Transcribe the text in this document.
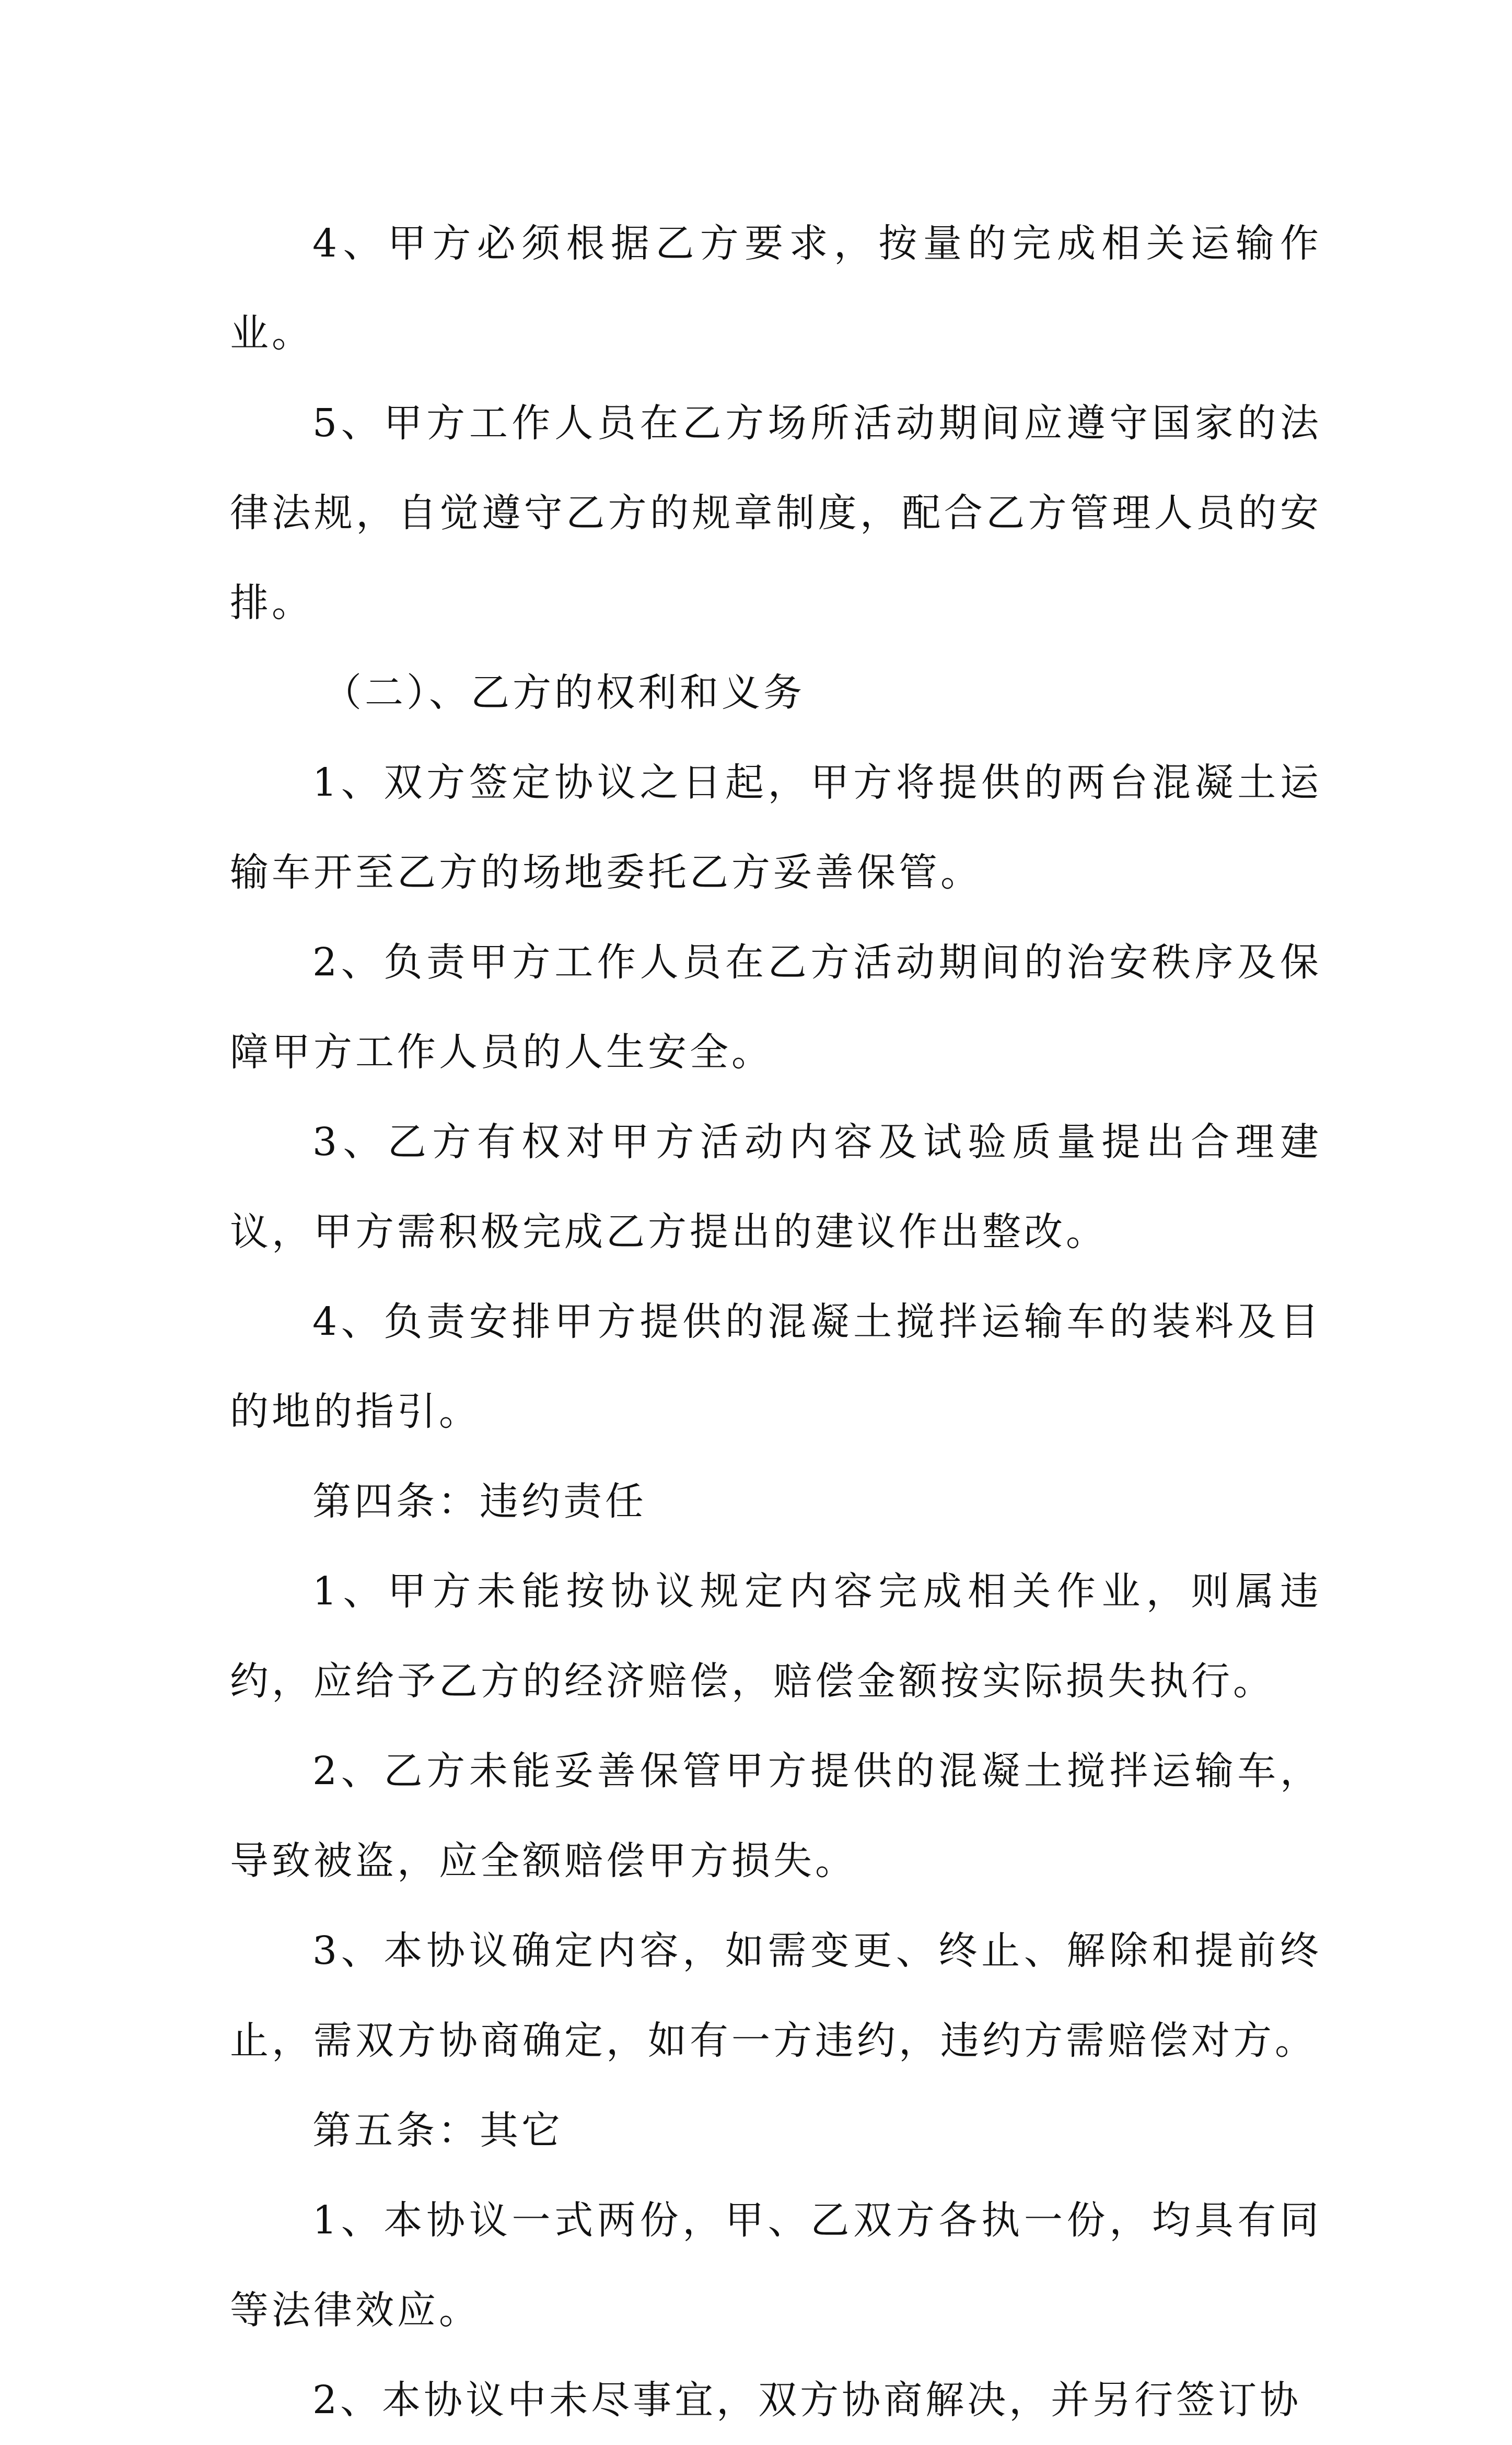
4、甲方必须根据乙方要求，按量的完成相关运输作业。

5、甲方工作人员在乙方场所活动期间应遵守国家的法律法规，自觉遵守乙方的规章制度，配合乙方管理人员的安排。

（二）、乙方的权利和义务

1、双方签定协议之日起，甲方将提供的两台混凝土运输车开至乙方的场地委托乙方妥善保管。

2、负责甲方工作人员在乙方活动期间的治安秩序及保障甲方工作人员的人生安全。

3、乙方有权对甲方活动内容及试验质量提出合理建议，甲方需积极完成乙方提出的建议作出整改。

4、负责安排甲方提供的混凝土搅拌运输车的装料及目的地的指引。

第四条：违约责任

1、甲方未能按协议规定内容完成相关作业，则属违约，应给予乙方的经济赔偿，赔偿金额按实际损失执行。

2、乙方未能妥善保管甲方提供的混凝土搅拌运输车，导致被盗，应全额赔偿甲方损失。

3、本协议确定内容，如需变更、终止、解除和提前终止，需双方协商确定，如有一方违约，违约方需赔偿对方。

第五条：其它

1、本协议一式两份，甲、乙双方各执一份，均具有同等法律效应。

2、本协议中未尽事宜，双方协商解决，并另行签订协
